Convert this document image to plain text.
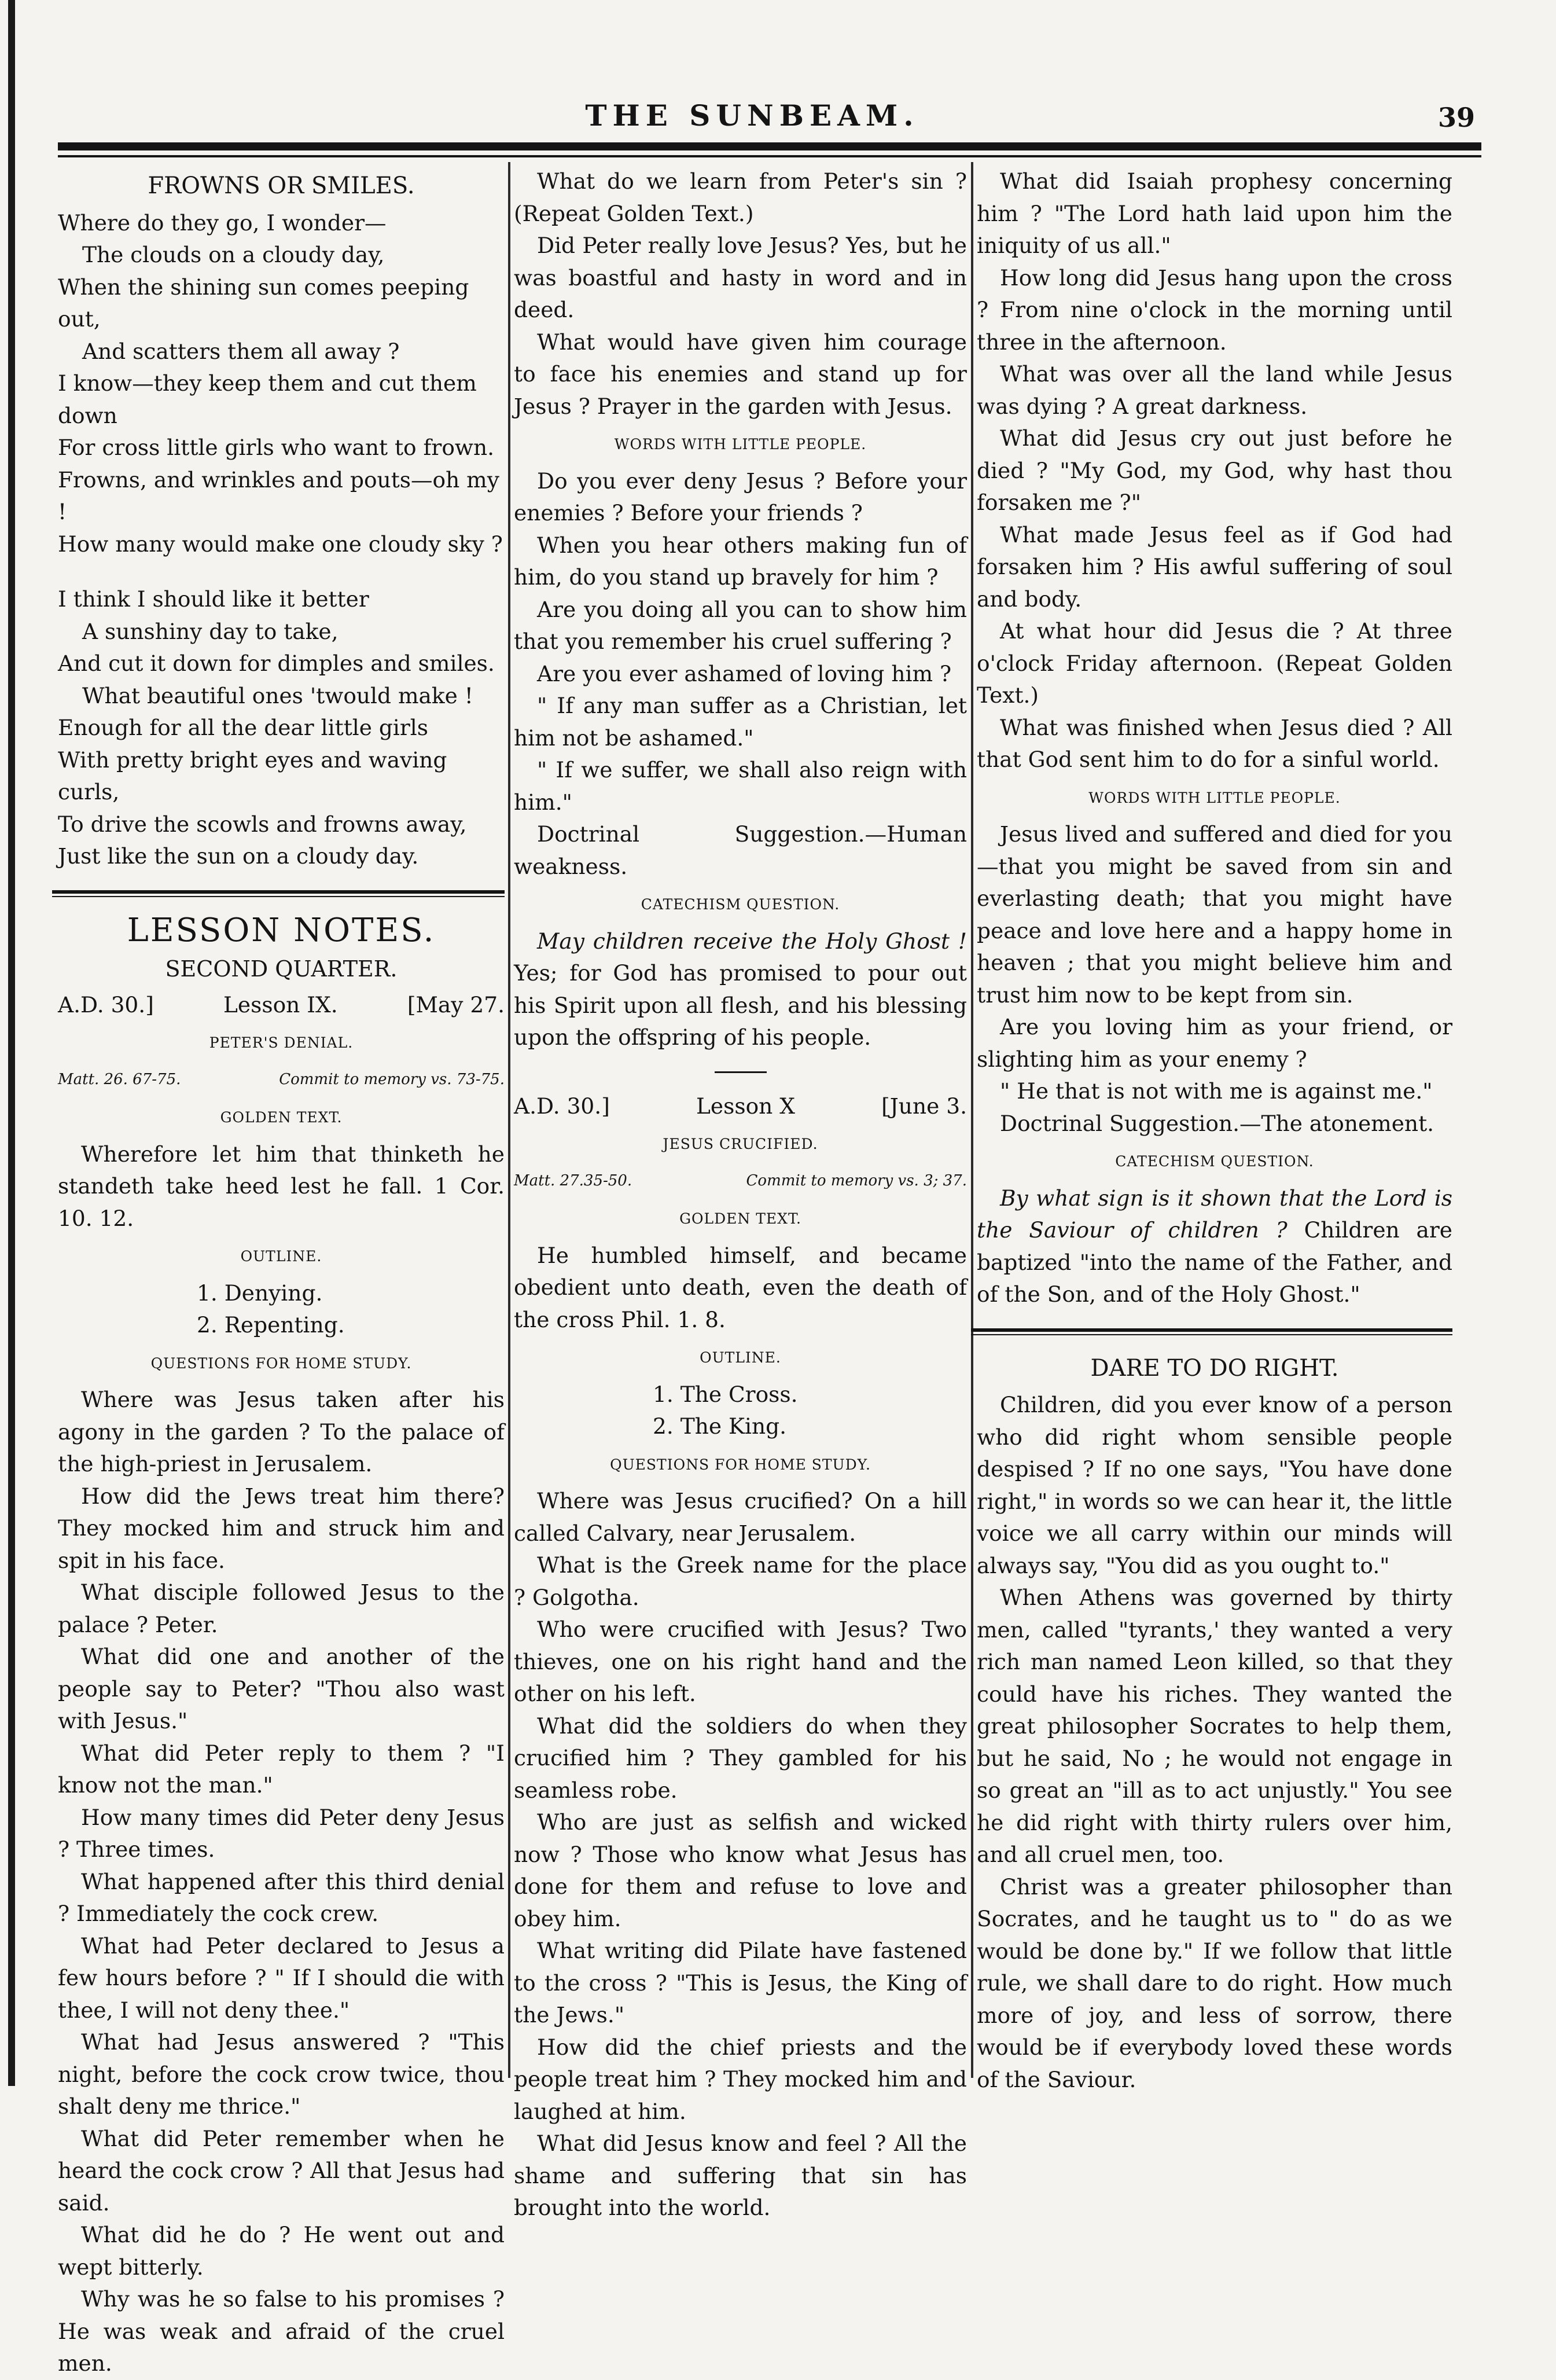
THE SUNBEAM.	39
FROWNS OR SMILES.

Where do they go, I wonder—

The clouds on a cloudy day,

When the shining sun comes peeping out,

And scatters them all away ?

I know—they keep them and cut them down

For cross little girls who want to frown.

Frowns, and wrinkles and pouts—oh my !

How many would make one cloudy sky ?

I think I should like it better

A sunshiny day to take,

And cut it down for dimples and smiles.

What beautiful ones 'twould make !

Enough for all the dear little girls

With pretty bright eyes and waving curls,

To drive the scowls and frowns away,

Just like the sun on a cloudy day.

LESSON NOTES.
SECOND QUARTER.
A.D. 30.]	Lesson IX.	[May 27.
PETER'S DENIAL.
Matt. 26. 67-75.	Commit to memory vs. 73-75.
GOLDEN TEXT.

Wherefore let him that thinketh he standeth take heed lest he fall. 1 Cor. 10. 12.

OUTLINE.

1. Denying.

2. Repenting.

QUESTIONS FOR HOME STUDY.

Where was Jesus taken after his agony in the garden ? To the palace of the high-priest in Jerusalem.

How did the Jews treat him there? They mocked him and struck him and spit in his face.

What disciple followed Jesus to the palace ? Peter.

What did one and another of the people say to Peter? "Thou also wast with Jesus."

What did Peter reply to them ? "I know not the man."

How many times did Peter deny Jesus ? Three times.

What happened after this third denial ? Immediately the cock crew.

What had Peter declared to Jesus a few hours before ? " If I should die with thee, I will not deny thee."

What had Jesus answered ? "This night, before the cock crow twice, thou shalt deny me thrice."

What did Peter remember when he heard the cock crow ? All that Jesus had said.

What did he do ? He went out and wept bitterly.

Why was he so false to his promises ? He was weak and afraid of the cruel men.

What do we learn from Peter's sin ? (Repeat Golden Text.)

Did Peter really love Jesus? Yes, but he was boastful and hasty in word and in deed.

What would have given him courage to face his enemies and stand up for Jesus ? Prayer in the garden with Jesus.

WORDS WITH LITTLE PEOPLE.

Do you ever deny Jesus ? Before your enemies ? Before your friends ?

When you hear others making fun of him, do you stand up bravely for him ?

Are you doing all you can to show him that you remember his cruel suffering ?

Are you ever ashamed of loving him ?

" If any man suffer as a Christian, let him not be ashamed."

" If we suffer, we shall also reign with him."

Doctrinal Suggestion.—Human weakness.

CATECHISM QUESTION.

May children receive the Holy Ghost ! Yes; for God has promised to pour out his Spirit upon all flesh, and his blessing upon the offspring of his people.

A.D. 30.]	Lesson X	[June 3.
JESUS CRUCIFIED.
Matt. 27.35-50.	Commit to memory vs. 3; 37.
GOLDEN TEXT.

He humbled himself, and became obedient unto death, even the death of the cross Phil. 1. 8.

OUTLINE.

1. The Cross.

2. The King.

QUESTIONS FOR HOME STUDY.

Where was Jesus crucified? On a hill called Calvary, near Jerusalem.

What is the Greek name for the place ? Golgotha.

Who were crucified with Jesus? Two thieves, one on his right hand and the other on his left.

What did the soldiers do when they crucified him ? They gambled for his seamless robe.

Who are just as selfish and wicked now ? Those who know what Jesus has done for them and refuse to love and obey him.

What writing did Pilate have fastened to the cross ? "This is Jesus, the King of the Jews."

How did the chief priests and the people treat him ? They mocked him and laughed at him.

What did Jesus know and feel ? All the shame and suffering that sin has brought into the world.

What did Isaiah prophesy concerning him ? "The Lord hath laid upon him the iniquity of us all."

How long did Jesus hang upon the cross ? From nine o'clock in the morning until three in the afternoon.

What was over all the land while Jesus was dying ? A great darkness.

What did Jesus cry out just before he died ? "My God, my God, why hast thou forsaken me ?"

What made Jesus feel as if God had forsaken him ? His awful suffering of soul and body.

At what hour did Jesus die ? At three o'clock Friday afternoon. (Repeat Golden Text.)

What was finished when Jesus died ? All that God sent him to do for a sinful world.

WORDS WITH LITTLE PEOPLE.

Jesus lived and suffered and died for you —that you might be saved from sin and everlasting death; that you might have peace and love here and a happy home in heaven ; that you might believe him and trust him now to be kept from sin.

Are you loving him as your friend, or slighting him as your enemy ?

" He that is not with me is against me."

Doctrinal Suggestion.—The atonement.

CATECHISM QUESTION.

By what sign is it shown that the Lord is the Saviour of children ? Children are baptized "into the name of the Father, and of the Son, and of the Holy Ghost."

DARE TO DO RIGHT.

Children, did you ever know of a person who did right whom sensible people despised ? If no one says, "You have done right," in words so we can hear it, the little voice we all carry within our minds will always say, "You did as you ought to."

When Athens was governed by thirty men, called "tyrants,' they wanted a very rich man named Leon killed, so that they could have his riches. They wanted the great philosopher Socrates to help them, but he said, No ; he would not engage in so great an "ill as to act unjustly." You see he did right with thirty rulers over him, and all cruel men, too.

Christ was a greater philosopher than Socrates, and he taught us to " do as we would be done by." If we follow that little rule, we shall dare to do right. How much more of joy, and less of sorrow, there would be if everybody loved these words of the Saviour.
